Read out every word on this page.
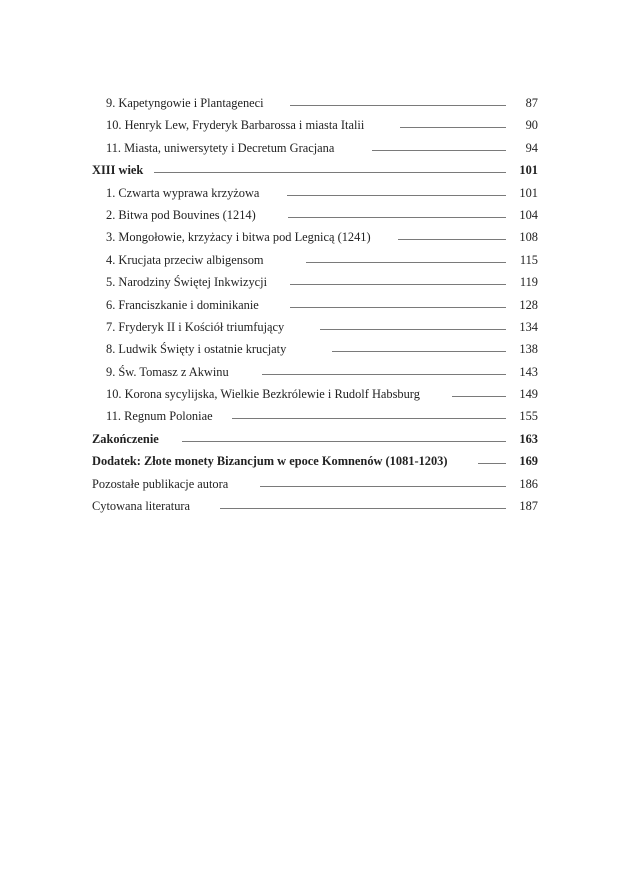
9. Kapetyngowie i Plantageneci	87
10. Henryk Lew, Fryderyk Barbarossa i miasta Italii	90
11. Miasta, uniwersytety i Decretum Gracjana	94
XIII wiek	101
1. Czwarta wyprawa krzyżowa	101
2. Bitwa pod Bouvines (1214)	104
3. Mongołowie, krzyżacy i bitwa pod Legnicą (1241)	108
4. Krucjata przeciw albigensom	115
5. Narodziny Świętej Inkwizycji	119
6. Franciszkanie i dominikanie	128
7. Fryderyk II i Kościół triumfujący	134
8. Ludwik Święty i ostatnie krucjaty	138
9. Św. Tomasz z Akwinu	143
10. Korona sycylijska, Wielkie Bezkrólewie i Rudolf Habsburg	149
11. Regnum Poloniae	155
Zakończenie	163
Dodatek: Złote monety Bizancjum w epoce Komnenów (1081-1203)	169
Pozostałe publikacje autora	186
Cytowana literatura	187
